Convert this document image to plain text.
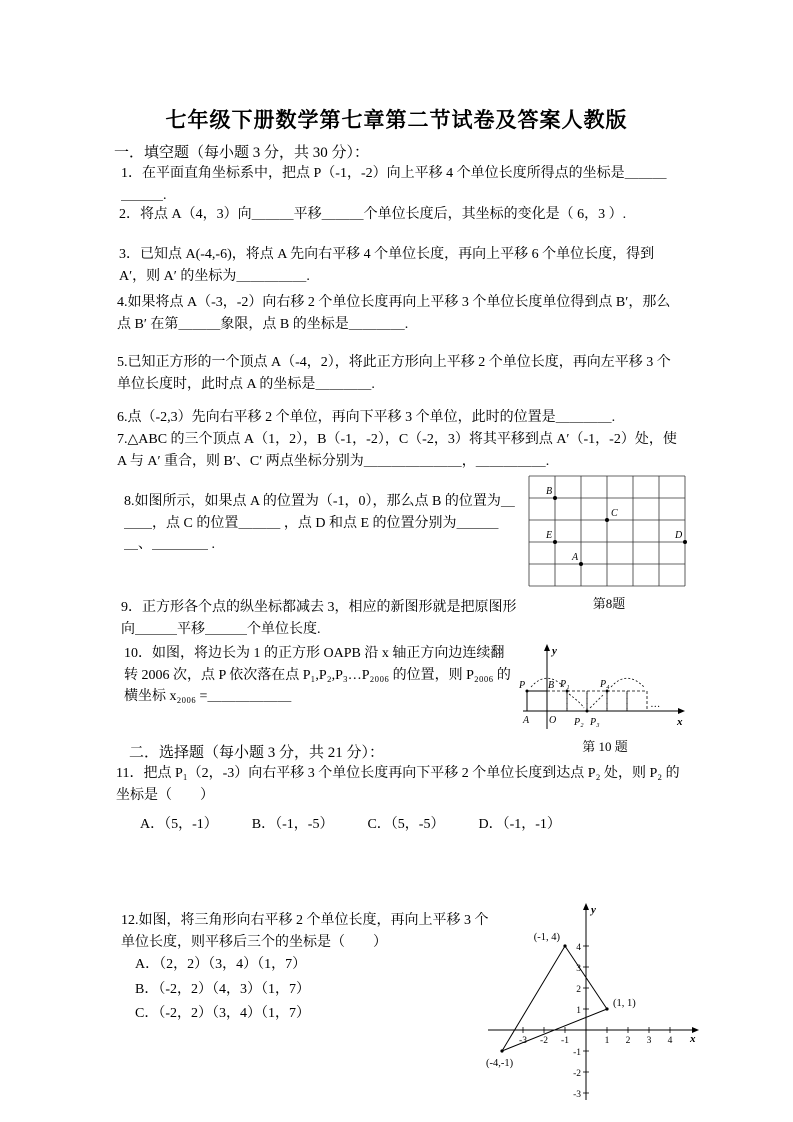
七年级下册数学第七章第二节试卷及答案人教版
一．填空题（每小题 3 分，共 30 分）：
1．在平面直角坐标系中，把点 P（-1，-2）向上平移 4 个单位长度所得点的坐标是＿＿＿＿＿＿.
2．将点 A（4，3）向＿＿＿平移＿＿＿个单位长度后，其坐标的变化是（ 6，3 ）.
3．已知点 A(-4,-6)，将点 A 先向右平移 4 个单位长度，再向上平移 6 个单位长度，得到A′，则 A′ 的坐标为＿＿＿＿＿.
4.如果将点 A（-3，-2）向右移 2 个单位长度再向上平移 3 个单位长度单位得到点 B′，那么点 B′ 在第＿＿＿象限，点 B 的坐标是＿＿＿＿.
5.已知正方形的一个顶点 A（-4，2），将此正方形向上平移 2 个单位长度，再向左平移 3 个单位长度时，此时点 A 的坐标是＿＿＿＿.
6.点（-2,3）先向右平移 2 个单位，再向下平移 3 个单位，此时的位置是＿＿＿＿.
7.△ABC 的三个顶点 A（1，2），B（-1，-2），C（-2，3）将其平移到点 A′（-1，-2）处，使 A 与 A′ 重合，则 B′、C′ 两点坐标分别为＿＿＿＿＿＿＿，＿＿＿＿＿.
8.如图所示，如果点 A 的位置为（-1，0），那么点 B 的位置为＿＿＿，点 C 的位置＿＿＿ ，点 D 和点 E 的位置分别为＿＿＿＿、＿＿＿＿ .
9．正方形各个点的纵坐标都减去 3，相应的新图形就是把原图形向＿＿＿平移＿＿＿个单位长度.
10．如图，将边长为 1 的正方形 OAPB 沿 x 轴正方向边连续翻转 2006 次，点 P 依次落在点 P₁,P₂,P₃…P₂₀₀₆ 的位置，则 P₂₀₀₆ 的横坐标 x₂₀₀₆ =＿＿＿＿＿＿
二．选择题（每小题 3 分，共 21 分）：
11．把点 P₁（2，-3）向右平移 3 个单位长度再向下平移 2 个单位长度到达点 P₂ 处，则 P₂ 的坐标是（　　）
A．（5，-1） B．（-1，-5） C．（5，-5） D．（-1，-1）
12.如图，将三角形向右平移 2 个单位长度，再向上平移 3 个单位长度，则平移后三个的坐标是（　　）
A．（2，2）（3，4）（1，7）
B．（-2，2）（4，3）（1，7）
C．（-2，2）（3，4）（1，7）
B
C
E	D
A
第8题
y
x
P B
A O
P₁
P₂ P₃
P₄
…
第 10 题
x
y
-3 -2 -1	1 2 3 4
4
3
2
1
-1
-2
-3
(-1, 4)
(1, 1)
(-4,-1)
